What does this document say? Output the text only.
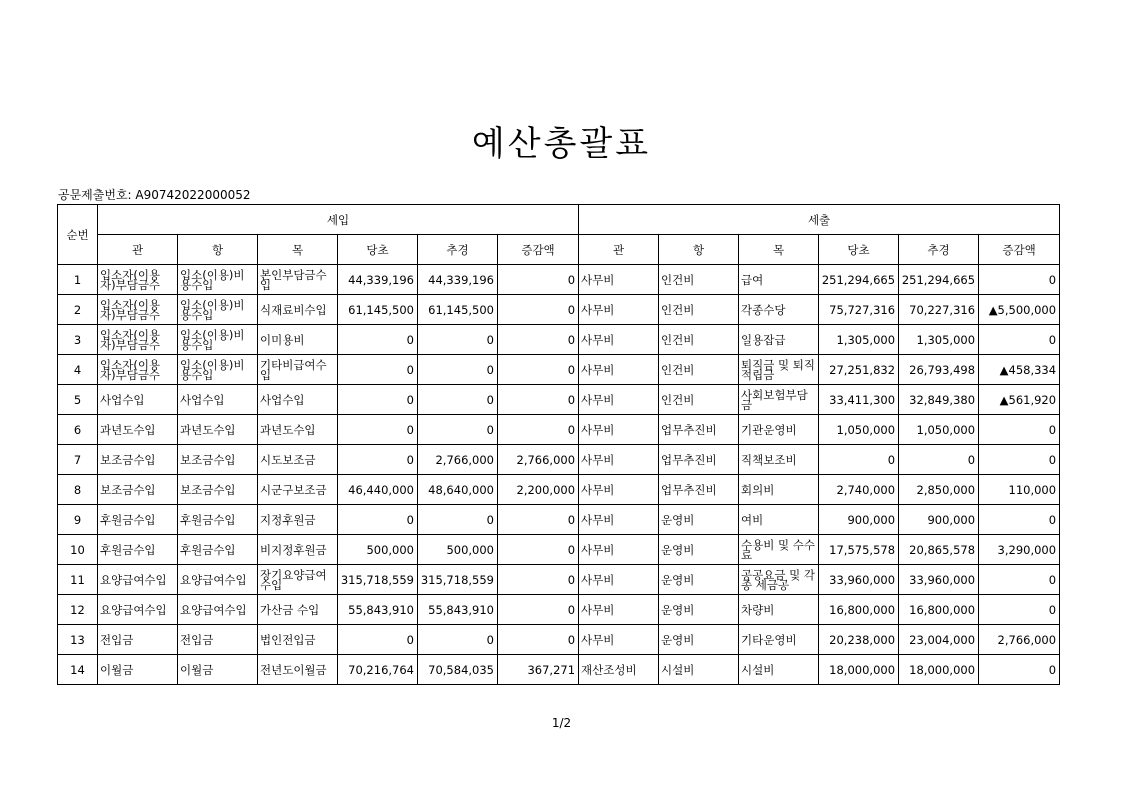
예산총괄표
공문제출번호: A90742022000052
순번	세입						세출					
	관	항	목	당초	추경	증감액	관	항	목	당초	추경	증감액
1	입소자(이용자)부담금수	입소(이용)비용수입	본인부담금수입	44,339,196	44,339,196	0	사무비	인건비	급여	251,294,665	251,294,665	0
2	입소자(이용자)부담금수	입소(이용)비용수입	식재료비수입	61,145,500	61,145,500	0	사무비	인건비	각종수당	75,727,316	70,227,316	▲5,500,000
3	입소자(이용자)부담금수	입소(이용)비용수입	이미용비	0	0	0	사무비	인건비	일용잡급	1,305,000	1,305,000	0
4	입소자(이용자)부담금수	입소(이용)비용수입	기타비급여수입	0	0	0	사무비	인건비	퇴직금 및 퇴직적립금	27,251,832	26,793,498	▲458,334
5	사업수입	사업수입	사업수입	0	0	0	사무비	인건비	사회보험부담금	33,411,300	32,849,380	▲561,920
6	과년도수입	과년도수입	과년도수입	0	0	0	사무비	업무추진비	기관운영비	1,050,000	1,050,000	0
7	보조금수입	보조금수입	시도보조금	0	2,766,000	2,766,000	사무비	업무추진비	직책보조비	0	0	0
8	보조금수입	보조금수입	시군구보조금	46,440,000	48,640,000	2,200,000	사무비	업무추진비	회의비	2,740,000	2,850,000	110,000
9	후원금수입	후원금수입	지정후원금	0	0	0	사무비	운영비	여비	900,000	900,000	0
10	후원금수입	후원금수입	비지정후원금	500,000	500,000	0	사무비	운영비	수용비 및 수수료	17,575,578	20,865,578	3,290,000
11	요양급여수입	요양급여수입	장기요양급여수입	315,718,559	315,718,559	0	사무비	운영비	공공요금 및 각종 세금공	33,960,000	33,960,000	0
12	요양급여수입	요양급여수입	가산금 수입	55,843,910	55,843,910	0	사무비	운영비	차량비	16,800,000	16,800,000	0
13	전입금	전입금	법인전입금	0	0	0	사무비	운영비	기타운영비	20,238,000	23,004,000	2,766,000
14	이월금	이월금	전년도이월금	70,216,764	70,584,035	367,271	재산조성비	시설비	시설비	18,000,000	18,000,000	0
1/2
